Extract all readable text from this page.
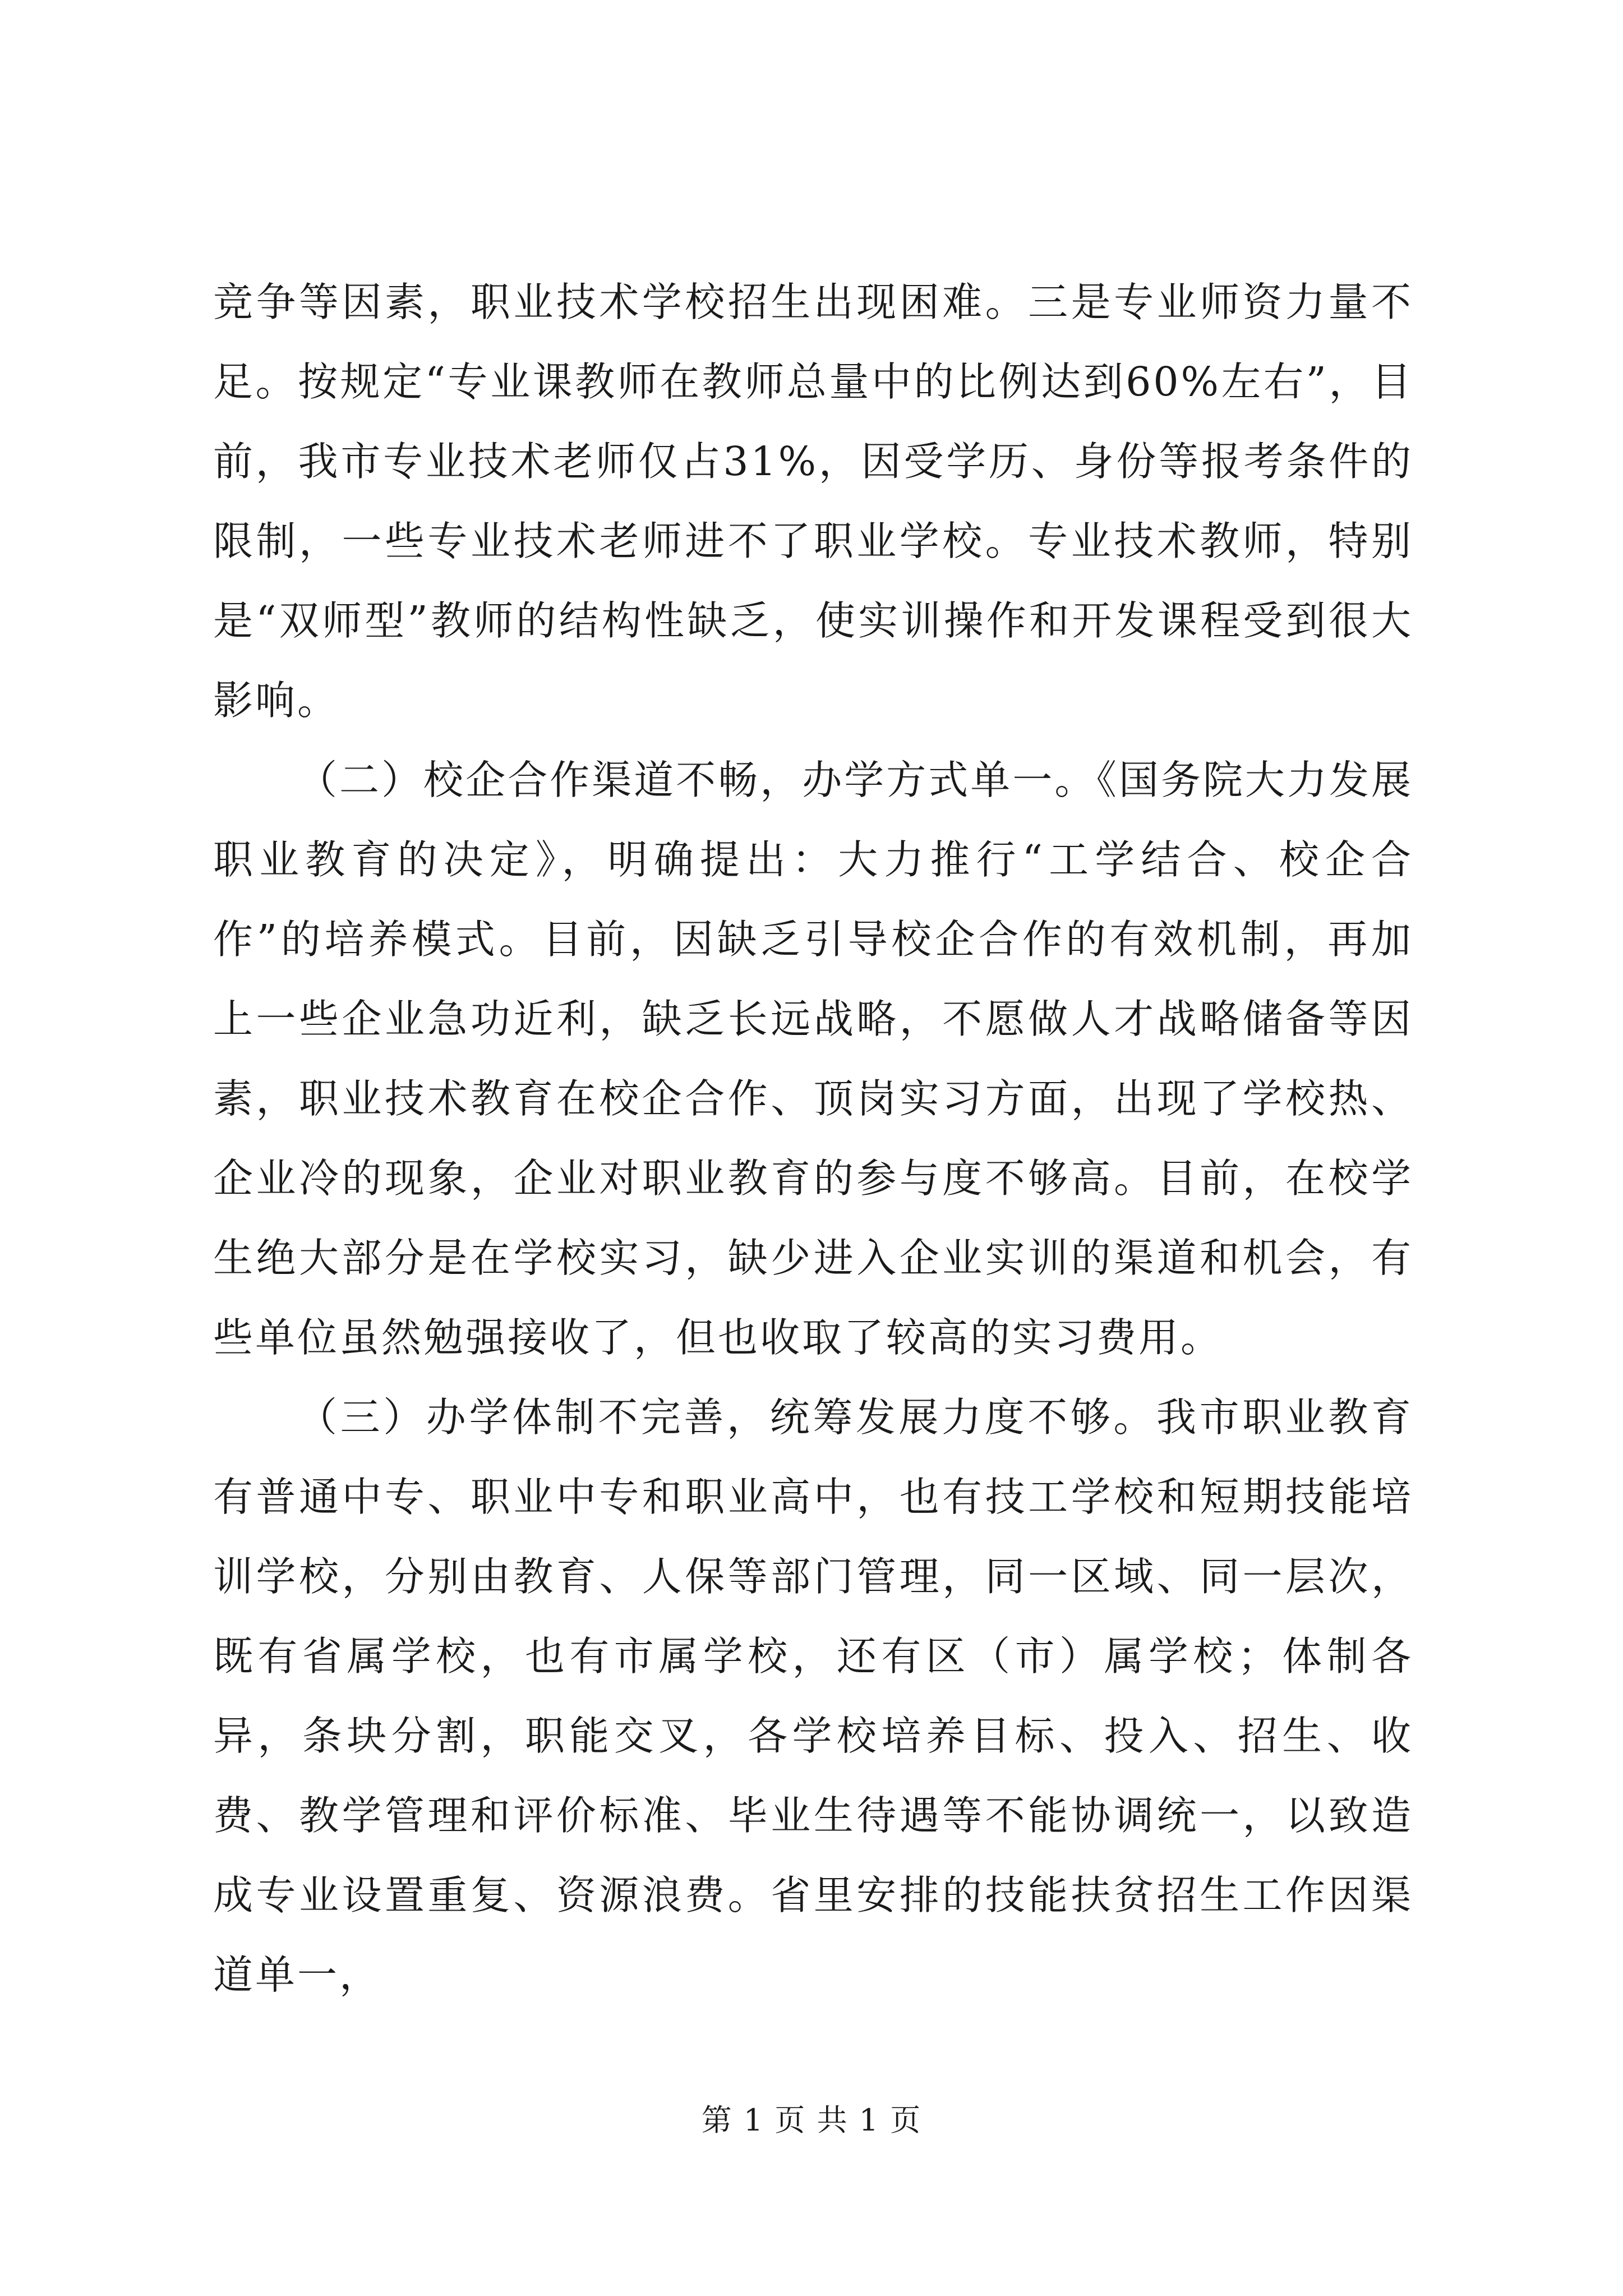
竞争等因素，职业技术学校招生出现困难。三是专业师资力量不足。按规定“专业课教师在教师总量中的比例达到60%左右”，目前，我市专业技术老师仅占31%，因受学历、身份等报考条件的限制，一些专业技术老师进不了职业学校。专业技术教师，特别是“双师型”教师的结构性缺乏，使实训操作和开发课程受到很大影响。

（二）校企合作渠道不畅，办学方式单一。《国务院大力发展职业教育的决定》，明确提出：大力推行“工学结合、校企合作”的培养模式。目前，因缺乏引导校企合作的有效机制，再加上一些企业急功近利，缺乏长远战略，不愿做人才战略储备等因素，职业技术教育在校企合作、顶岗实习方面，出现了学校热、企业冷的现象，企业对职业教育的参与度不够高。目前，在校学生绝大部分是在学校实习，缺少进入企业实训的渠道和机会，有些单位虽然勉强接收了，但也收取了较高的实习费用。

（三）办学体制不完善，统筹发展力度不够。我市职业教育有普通中专、职业中专和职业高中，也有技工学校和短期技能培训学校，分别由教育、人保等部门管理，同一区域、同一层次，既有省属学校，也有市属学校，还有区（市）属学校；体制各异，条块分割，职能交叉，各学校培养目标、投入、招生、收费、教学管理和评价标准、毕业生待遇等不能协调统一，以致造成专业设置重复、资源浪费。省里安排的技能扶贫招生工作因渠道单一，

第 1 页 共 1 页
